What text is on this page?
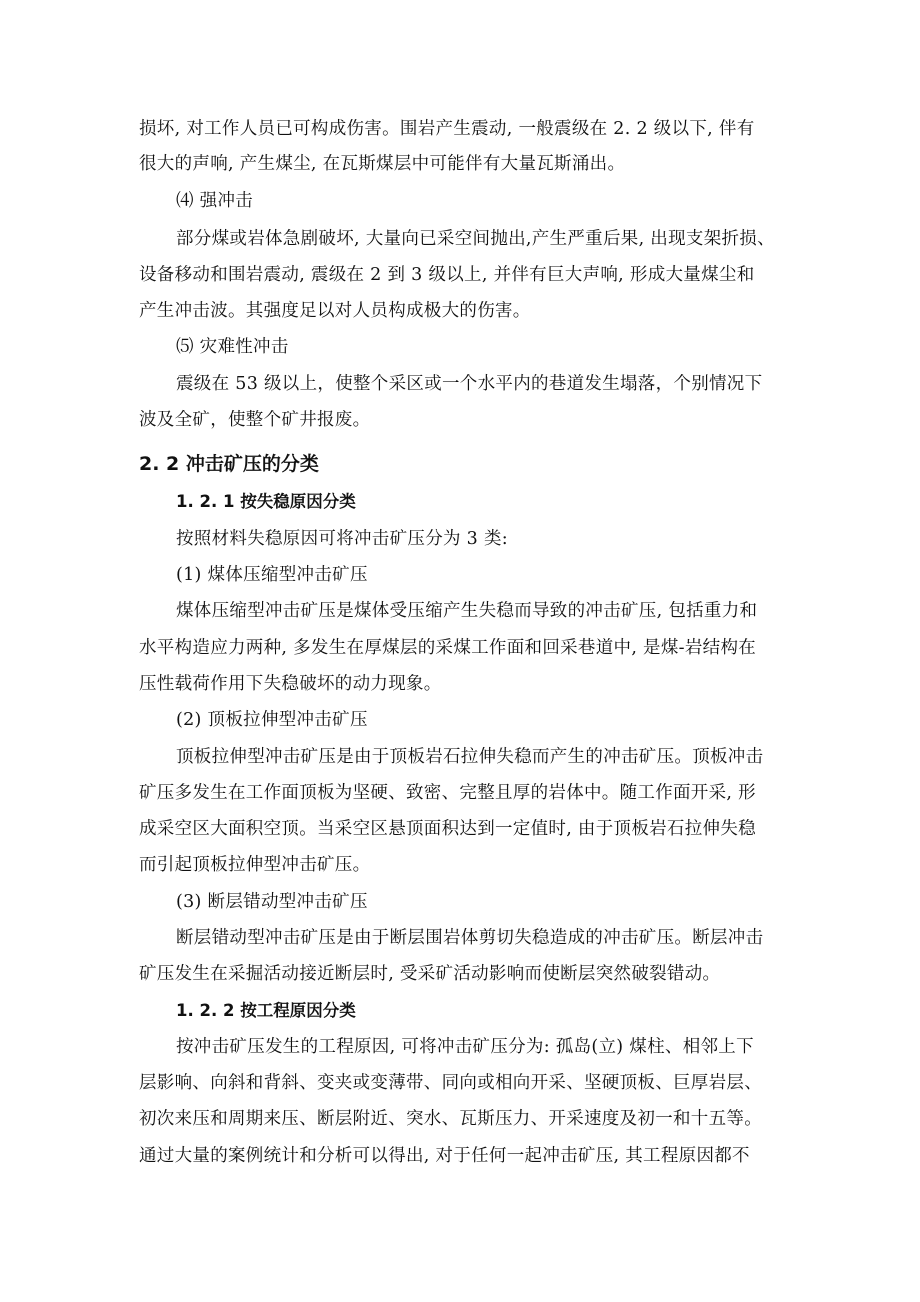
损坏, 对工作人员已可构成伤害。围岩产生震动, 一般震级在 2. 2 级以下, 伴有
很大的声响, 产生煤尘, 在瓦斯煤层中可能伴有大量瓦斯涌出。
⑷ 强冲击
部分煤或岩体急剧破坏, 大量向已采空间抛出,产生严重后果, 出现支架折损、
设备移动和围岩震动, 震级在 2 到 3 级以上, 并伴有巨大声响, 形成大量煤尘和
产生冲击波。其强度足以对人员构成极大的伤害。
⑸ 灾难性冲击
震级在 53 级以上，使整个采区或一个水平内的巷道发生塌落，个别情况下
波及全矿，使整个矿井报废。
2. 2 冲击矿压的分类
1. 2. 1 按失稳原因分类
按照材料失稳原因可将冲击矿压分为 3 类:
(1) 煤体压缩型冲击矿压
煤体压缩型冲击矿压是煤体受压缩产生失稳而导致的冲击矿压, 包括重力和
水平构造应力两种, 多发生在厚煤层的采煤工作面和回采巷道中, 是煤-岩结构在
压性载荷作用下失稳破坏的动力现象。
(2) 顶板拉伸型冲击矿压
顶板拉伸型冲击矿压是由于顶板岩石拉伸失稳而产生的冲击矿压。顶板冲击
矿压多发生在工作面顶板为坚硬、致密、完整且厚的岩体中。随工作面开采, 形
成采空区大面积空顶。当采空区悬顶面积达到一定值时, 由于顶板岩石拉伸失稳
而引起顶板拉伸型冲击矿压。
(3) 断层错动型冲击矿压
断层错动型冲击矿压是由于断层围岩体剪切失稳造成的冲击矿压。断层冲击
矿压发生在采掘活动接近断层时, 受采矿活动影响而使断层突然破裂错动。
1. 2. 2 按工程原因分类
按冲击矿压发生的工程原因, 可将冲击矿压分为: 孤岛(立) 煤柱、相邻上下
层影响、向斜和背斜、变夹或变薄带、同向或相向开采、坚硬顶板、巨厚岩层、
初次来压和周期来压、断层附近、突水、瓦斯压力、开采速度及初一和十五等。
通过大量的案例统计和分析可以得出, 对于任何一起冲击矿压, 其工程原因都不
